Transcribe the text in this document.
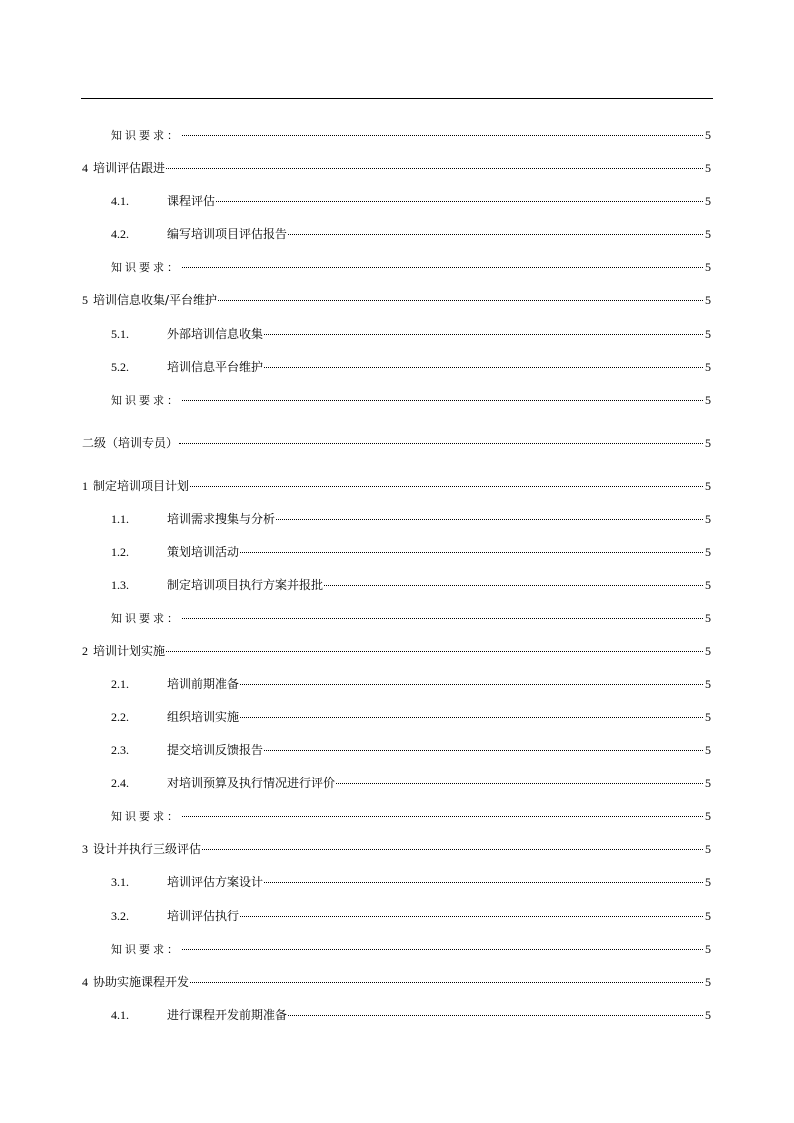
知识要求：	5
4 培训评估跟进	5
4.1.	课程评估	5
4.2.	编写培训项目评估报告	5
知识要求：	5
5 培训信息收集/平台维护	5
5.1.	外部培训信息收集	5
5.2.	培训信息平台维护	5
知识要求：	5
二级（培训专员）	5
1 制定培训项目计划	5
1.1.	培训需求搜集与分析	5
1.2.	策划培训活动	5
1.3.	制定培训项目执行方案并报批	5
知识要求：	5
2 培训计划实施	5
2.1.	培训前期准备	5
2.2.	组织培训实施	5
2.3.	提交培训反馈报告	5
2.4.	对培训预算及执行情况进行评价	5
知识要求：	5
3 设计并执行三级评估	5
3.1.	培训评估方案设计	5
3.2.	培训评估执行	5
知识要求：	5
4 协助实施课程开发	5
4.1.	进行课程开发前期准备	5
